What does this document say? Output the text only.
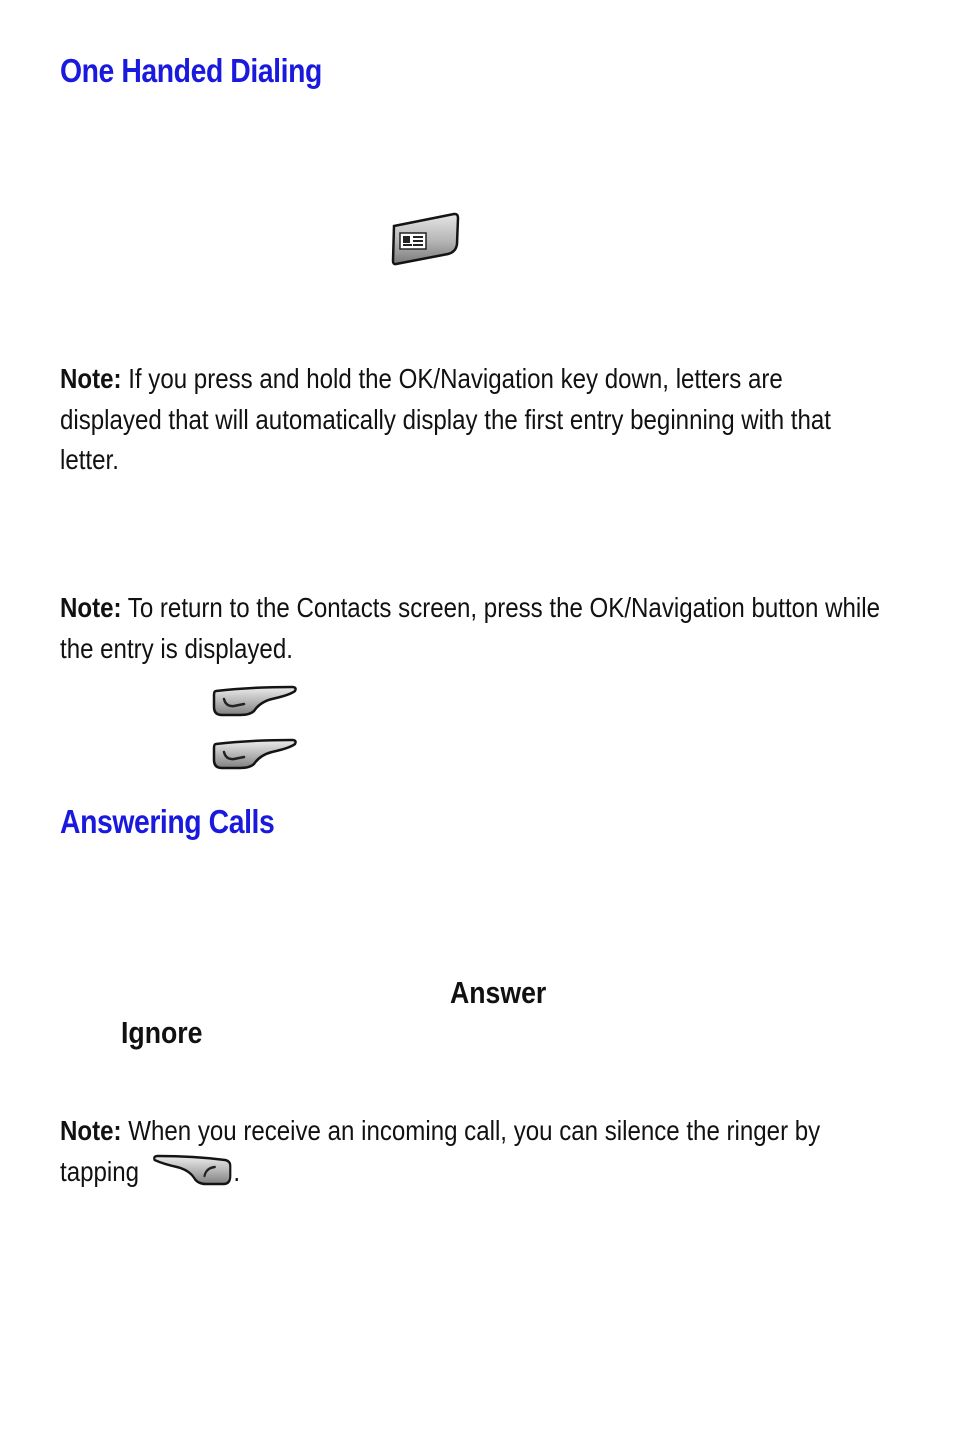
One Handed Dialing

Note: If you press and hold the OK/Navigation key down, letters are displayed that will automatically display the first entry beginning with that letter.

Note: To return to the Contacts screen, press the OK/Navigation button while the entry is displayed.

Answering Calls
Answer
Ignore

Note: When you receive an incoming call, you can silence the ringer by tapping	.
